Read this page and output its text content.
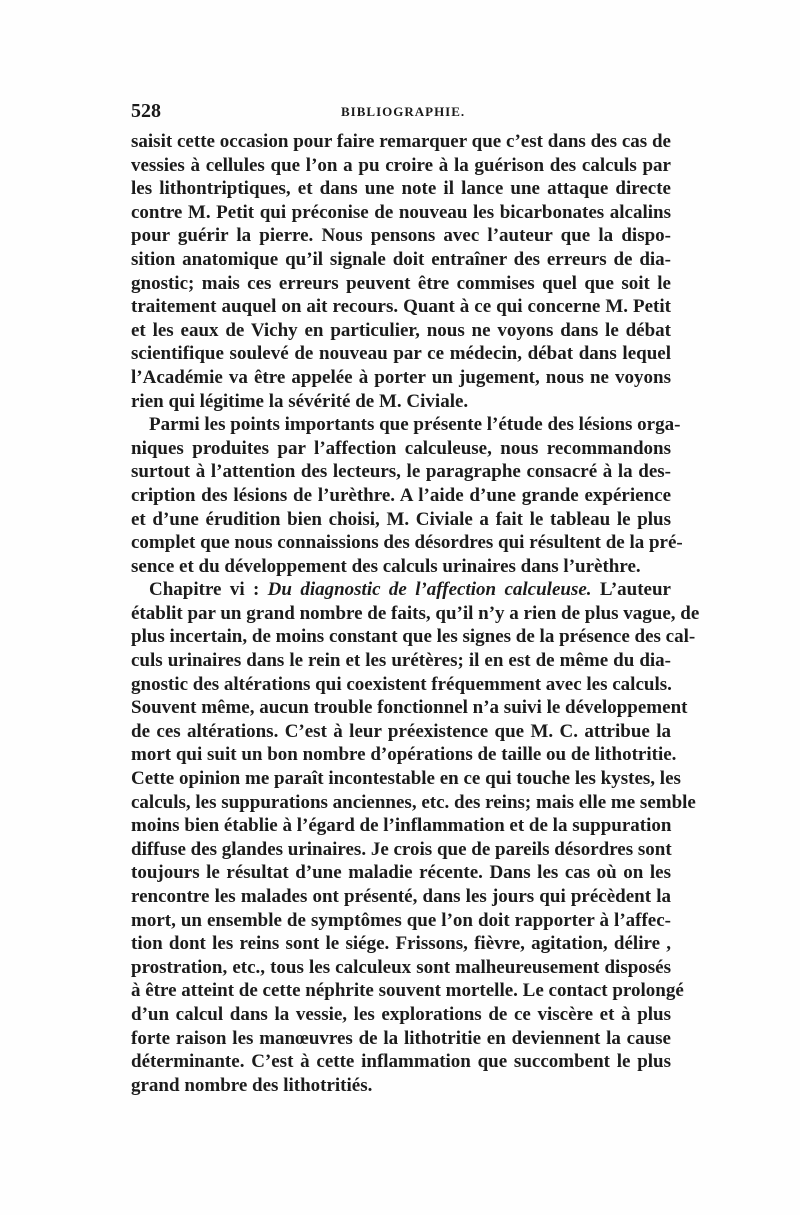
528	BIBLIOGRAPHIE.
saisit cette occasion pour faire remarquer que c’est dans des cas de
vessies à cellules que l’on a pu croire à la guérison des calculs par
les lithontriptiques, et dans une note il lance une attaque directe
contre M. Petit qui préconise de nouveau les bicarbonates alcalins
pour guérir la pierre. Nous pensons avec l’auteur que la dispo-
sition anatomique qu’il signale doit entraîner des erreurs de dia-
gnostic; mais ces erreurs peuvent être commises quel que soit le
traitement auquel on ait recours. Quant à ce qui concerne M. Petit
et les eaux de Vichy en particulier, nous ne voyons dans le débat
scientifique soulevé de nouveau par ce médecin, débat dans lequel
l’Académie va être appelée à porter un jugement, nous ne voyons
rien qui légitime la sévérité de M. Civiale.
Parmi les points importants que présente l’étude des lésions orga-
niques produites par l’affection calculeuse, nous recommandons
surtout à l’attention des lecteurs, le paragraphe consacré à la des-
cription des lésions de l’urèthre. A l’aide d’une grande expérience
et d’une érudition bien choisi, M. Civiale a fait le tableau le plus
complet que nous connaissions des désordres qui résultent de la pré-
sence et du développement des calculs urinaires dans l’urèthre.
Chapitre vi : Du diagnostic de l’affection calculeuse. L’auteur
établit par un grand nombre de faits, qu’il n’y a rien de plus vague, de
plus incertain, de moins constant que les signes de la présence des cal-
culs urinaires dans le rein et les urétères; il en est de même du dia-
gnostic des altérations qui coexistent fréquemment avec les calculs.
Souvent même, aucun trouble fonctionnel n’a suivi le développement
de ces altérations. C’est à leur préexistence que M. C. attribue la
mort qui suit un bon nombre d’opérations de taille ou de lithotritie.
Cette opinion me paraît incontestable en ce qui touche les kystes, les
calculs, les suppurations anciennes, etc. des reins; mais elle me semble
moins bien établie à l’égard de l’inflammation et de la suppuration
diffuse des glandes urinaires. Je crois que de pareils désordres sont
toujours le résultat d’une maladie récente. Dans les cas où on les
rencontre les malades ont présenté, dans les jours qui précèdent la
mort, un ensemble de symptômes que l’on doit rapporter à l’affec-
tion dont les reins sont le siége. Frissons, fièvre, agitation, délire ,
prostration, etc., tous les calculeux sont malheureusement disposés
à être atteint de cette néphrite souvent mortelle. Le contact prolongé
d’un calcul dans la vessie, les explorations de ce viscère et à plus
forte raison les manœuvres de la lithotritie en deviennent la cause
déterminante. C’est à cette inflammation que succombent le plus
grand nombre des lithotritiés.
